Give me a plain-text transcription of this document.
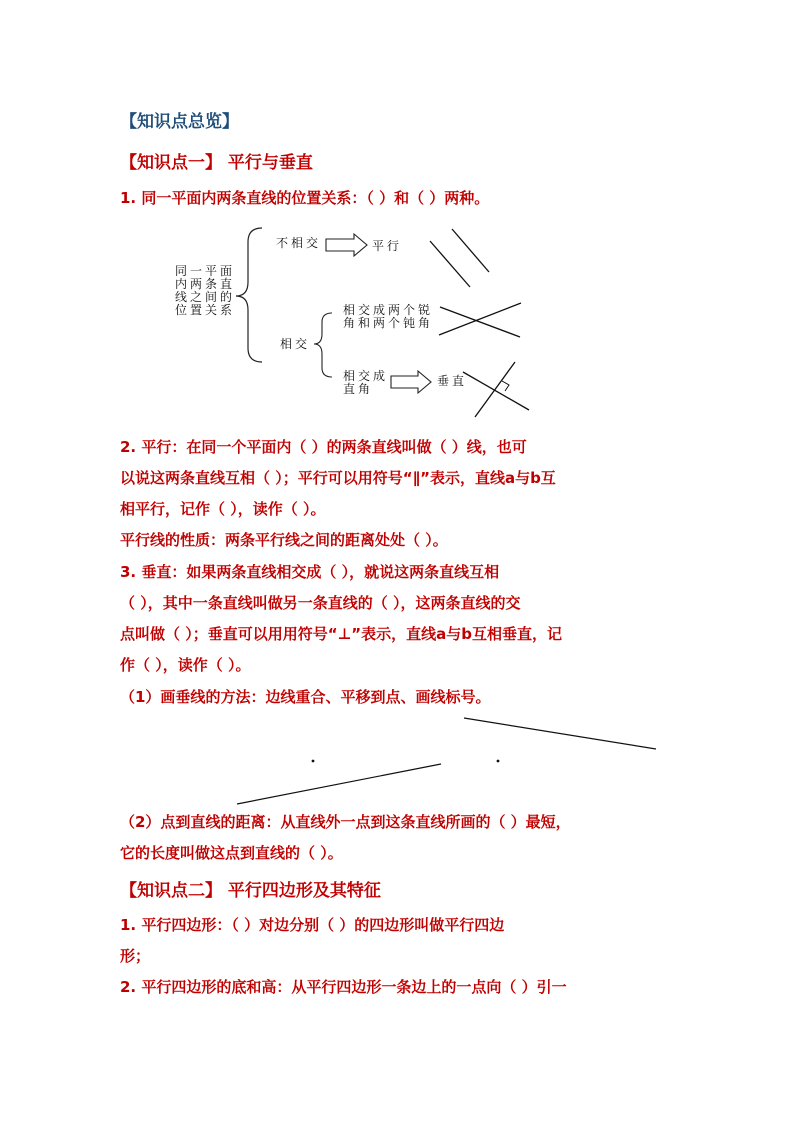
【知识点总览】
【知识点一】 平行与垂直
1. 同一平面内两条直线的位置关系：（ ）和（ ）两种。
同一平面
内两条直
线之间的
位置关系
不相交	平行
相交
相交成两个锐
角和两个钝角
相交成
直角
垂直
2. 平行：在同一个平面内（ ）的两条直线叫做（ ）线，也可
以说这两条直线互相（ ）；平行可以用符号“∥”表示，直线a与b互
相平行，记作（ ），读作（ ）。
平行线的性质：两条平行线之间的距离处处（ ）。
3. 垂直：如果两条直线相交成（ ），就说这两条直线互相
（ ），其中一条直线叫做另一条直线的（ ），这两条直线的交
点叫做（ ）；垂直可以用用符号“⊥”表示，直线a与b互相垂直，记
作（ ），读作（ ）。
（1）画垂线的方法：边线重合、平移到点、画线标号。
（2）点到直线的距离：从直线外一点到这条直线所画的（ ）最短，
它的长度叫做这点到直线的（ ）。
【知识点二】 平行四边形及其特征
1. 平行四边形：（ ）对边分别（ ）的四边形叫做平行四边
形；
2. 平行四边形的底和高：从平行四边形一条边上的一点向（ ）引一
